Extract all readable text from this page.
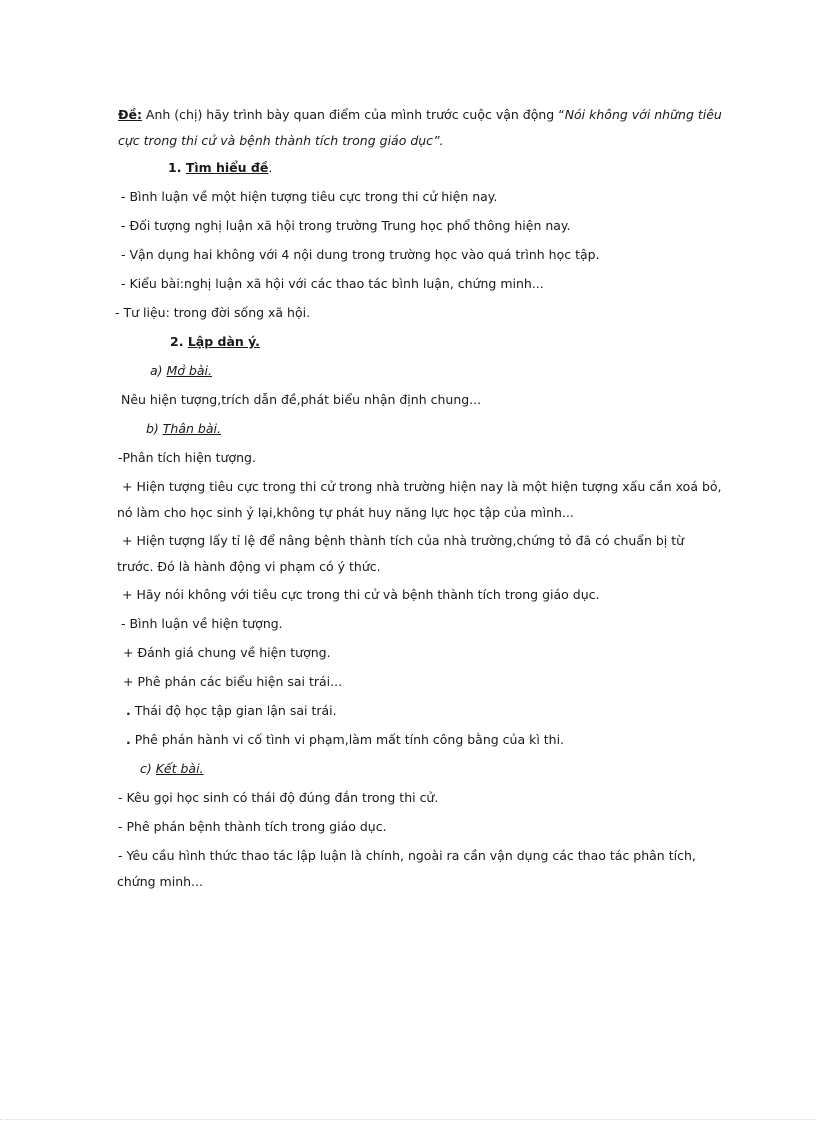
Đề: Anh (chị) hãy trình bày quan điểm của mình trước cuộc vận động “Nói không với những tiêu
cực trong thi cử và bệnh thành tích trong giáo dục”.
1. Tìm hiểu đề.
- Bình luận về một hiện tượng tiêu cực trong thi cử hiện nay.
- Đối tượng nghị luận xã hội trong trường Trung học phổ thông hiện nay.
- Vận dụng hai không với 4 nội dung trong trường học vào quá trình học tập.
- Kiểu bài:nghị luận xã hội với các thao tác bình luận, chứng minh...
- Tư liệu: trong đời sống xã hội.
2. Lập dàn ý.
a) Mở bài.
Nêu hiện tượng,trích dẫn đề,phát biểu nhận định chung...
b) Thân bài.
-Phân tích hiện tượng.
+ Hiện tượng tiêu cực trong thi cử trong nhà trường hiện nay là một hiện tượng xấu cần xoá bỏ,
nó làm cho học sinh ỷ lại,không tự phát huy năng lực học tập của mình...
+ Hiện tượng lấy tỉ lệ để nâng bệnh thành tích của nhà trường,chứng tỏ đã có chuẩn bị từ
trước. Đó là hành động vi phạm có ý thức.
+ Hãy nói không với tiêu cực trong thi cử và bệnh thành tích trong giáo dục.
- Bình luận về hiện tượng.
+ Đánh giá chung về hiện tượng.
+ Phê phán các biểu hiện sai trái...
. Thái độ học tập gian lận sai trái.
. Phê phán hành vi cố tình vi phạm,làm mất tính công bằng của kì thi.
c) Kết bài.
- Kêu gọi học sinh có thái độ đúng đắn trong thi cử.
- Phê phán bệnh thành tích trong giáo dục.
- Yêu cầu hình thức thao tác lập luận là chính, ngoài ra cần vận dụng các thao tác phân tích,
chứng minh...
